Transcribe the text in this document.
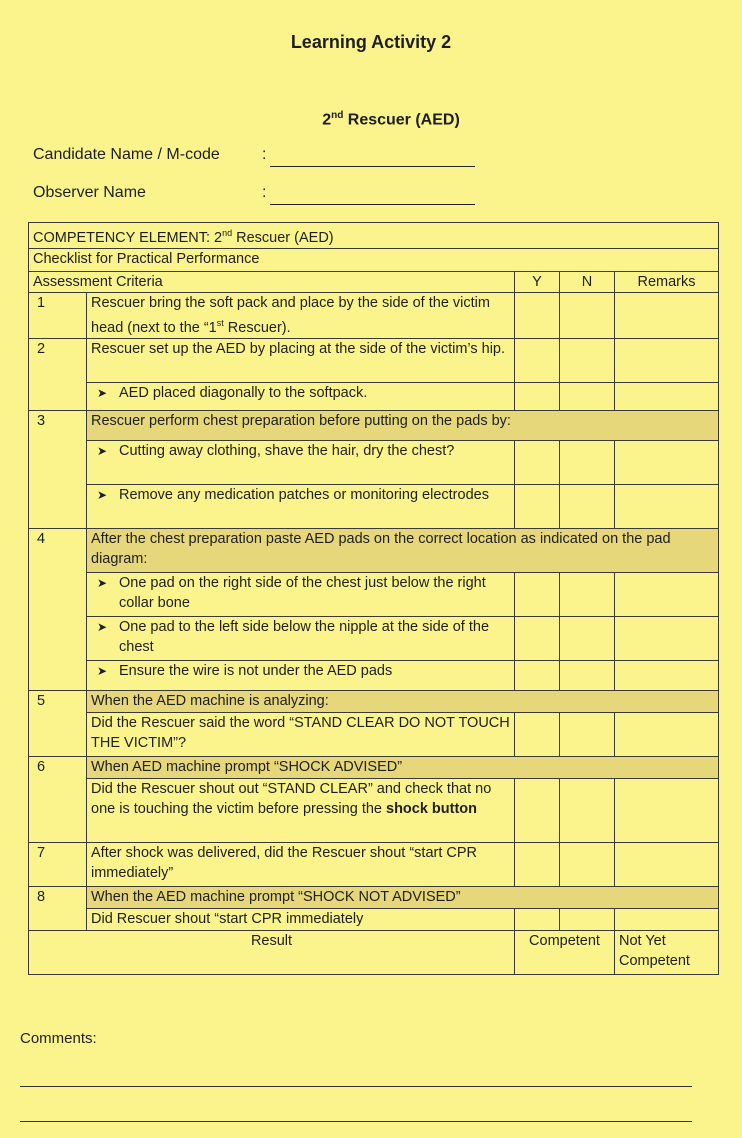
Learning Activity 2
2nd Rescuer (AED)
Candidate Name / M-code	:
Observer Name	:
COMPETENCY ELEMENT: 2nd Rescuer (AED)				
Checklist for Practical Performance				
Assessment Criteria		Y	N	Remarks
1	Rescuer bring the soft pack and place by the side of the victim head (next to the “1st Rescuer).			
2	Rescuer set up the AED by placing at the side of the victim’s hip.			

	➤ AED placed diagonally to the softpack.			
3	Rescuer perform chest preparation before putting on the pads by:			

	➤ Cutting away clothing, shave the hair, dry the chest?			

	➤ Remove any medication patches or monitoring electrodes			
4	After the chest preparation paste AED pads on the correct location as indicated on the pad diagram:			

	➤ One pad on the right side of the chest just below the right collar bone			

	➤ One pad to the left side below the nipple at the side of the chest			

	➤ Ensure the wire is not under the AED pads			
5	When the AED machine is analyzing:			
	Did the Rescuer said the word “STAND CLEAR DO NOT TOUCH THE VICTIM”?			
6	When AED machine prompt “SHOCK ADVISED”			
	Did the Rescuer shout out “STAND CLEAR” and check that no one is touching the victim before pressing the shock button			
7	After shock was delivered, did the Rescuer shout “start CPR immediately”			
8	When the AED machine prompt “SHOCK NOT ADVISED”			
	Did Rescuer shout “start CPR immediately			
Result		Competent		Not Yet Competent
Comments:
